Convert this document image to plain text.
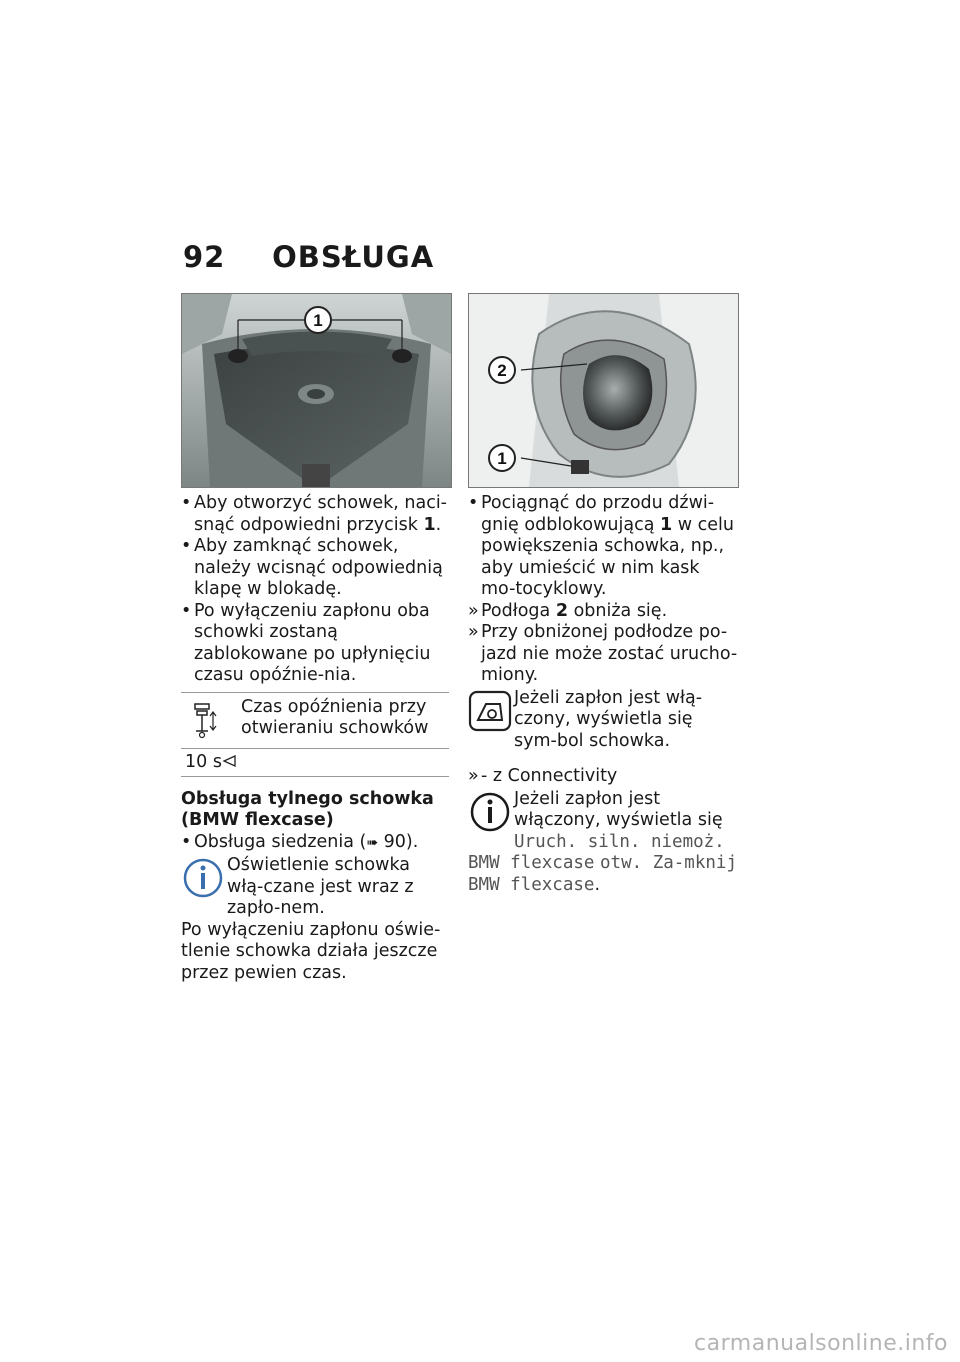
92 OBSŁUGA
1
2
1

• Aby otworzyć schowek, naci-snąć odpowiedni przycisk 1.

• Aby zamknąć schowek, należy wcisnąć odpowiednią klapę w blokadę.

• Po wyłączeniu zapłonu oba schowki zostaną zablokowane po upłynięciu czasu opóźnie-nia.

Czas opóźnienia przy otwieraniu schowków
10 s
Obsługa tylnego schowka (BMW flexcase)

• Obsługa siedzenia (➠ 90).

Oświetlenie schowka włą-czane jest wraz z zapło-nem.

Po wyłączeniu zapłonu oświe-tlenie schowka działa jeszcze przez pewien czas.

• Pociągnąć do przodu dźwi-gnię odblokowującą 1 w celu powiększenia schowka, np., aby umieścić w nim kask mo-tocyklowy.

» Podłoga 2 obniża się.

» Przy obniżonej podłodze po-jazd nie może zostać urucho-miony.

Jeżeli zapłon jest włą-czony, wyświetla się sym-bol schowka.

» - z Connectivity

Jeżeli zapłon jest włączony, wyświetla się Uruch. siln. niemoż. BMW flexcase otw. Za-mknij BMW flexcase.
carmanualsonline.info
